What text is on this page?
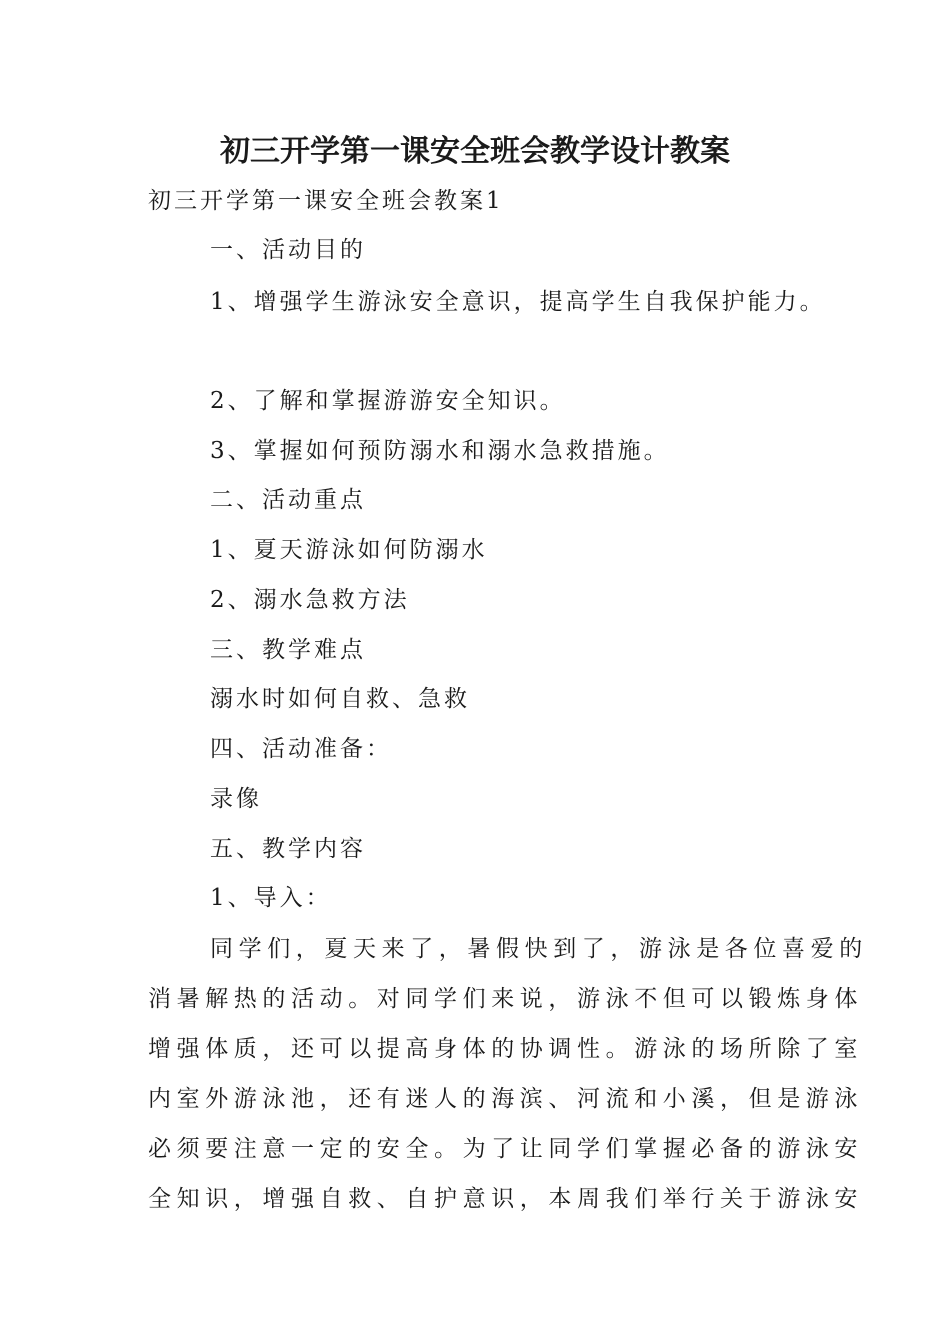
初三开学第一课安全班会教学设计教案
初三开学第一课安全班会教案1
一、活动目的
1、增强学生游泳安全意识，提高学生自我保护能力。
2、了解和掌握游游安全知识。
3、掌握如何预防溺水和溺水急救措施。
二、活动重点
1、夏天游泳如何防溺水
2、溺水急救方法
三、教学难点
溺水时如何自救、急救
四、活动准备：
录像
五、教学内容
1、导入：
同学们，夏天来了，暑假快到了，游泳是各位喜爱的
消暑解热的活动。对同学们来说，游泳不但可以锻炼身体
增强体质，还可以提高身体的协调性。游泳的场所除了室
内室外游泳池，还有迷人的海滨、河流和小溪，但是游泳
必须要注意一定的安全。为了让同学们掌握必备的游泳安
全知识，增强自救、自护意识，本周我们举行关于游泳安
